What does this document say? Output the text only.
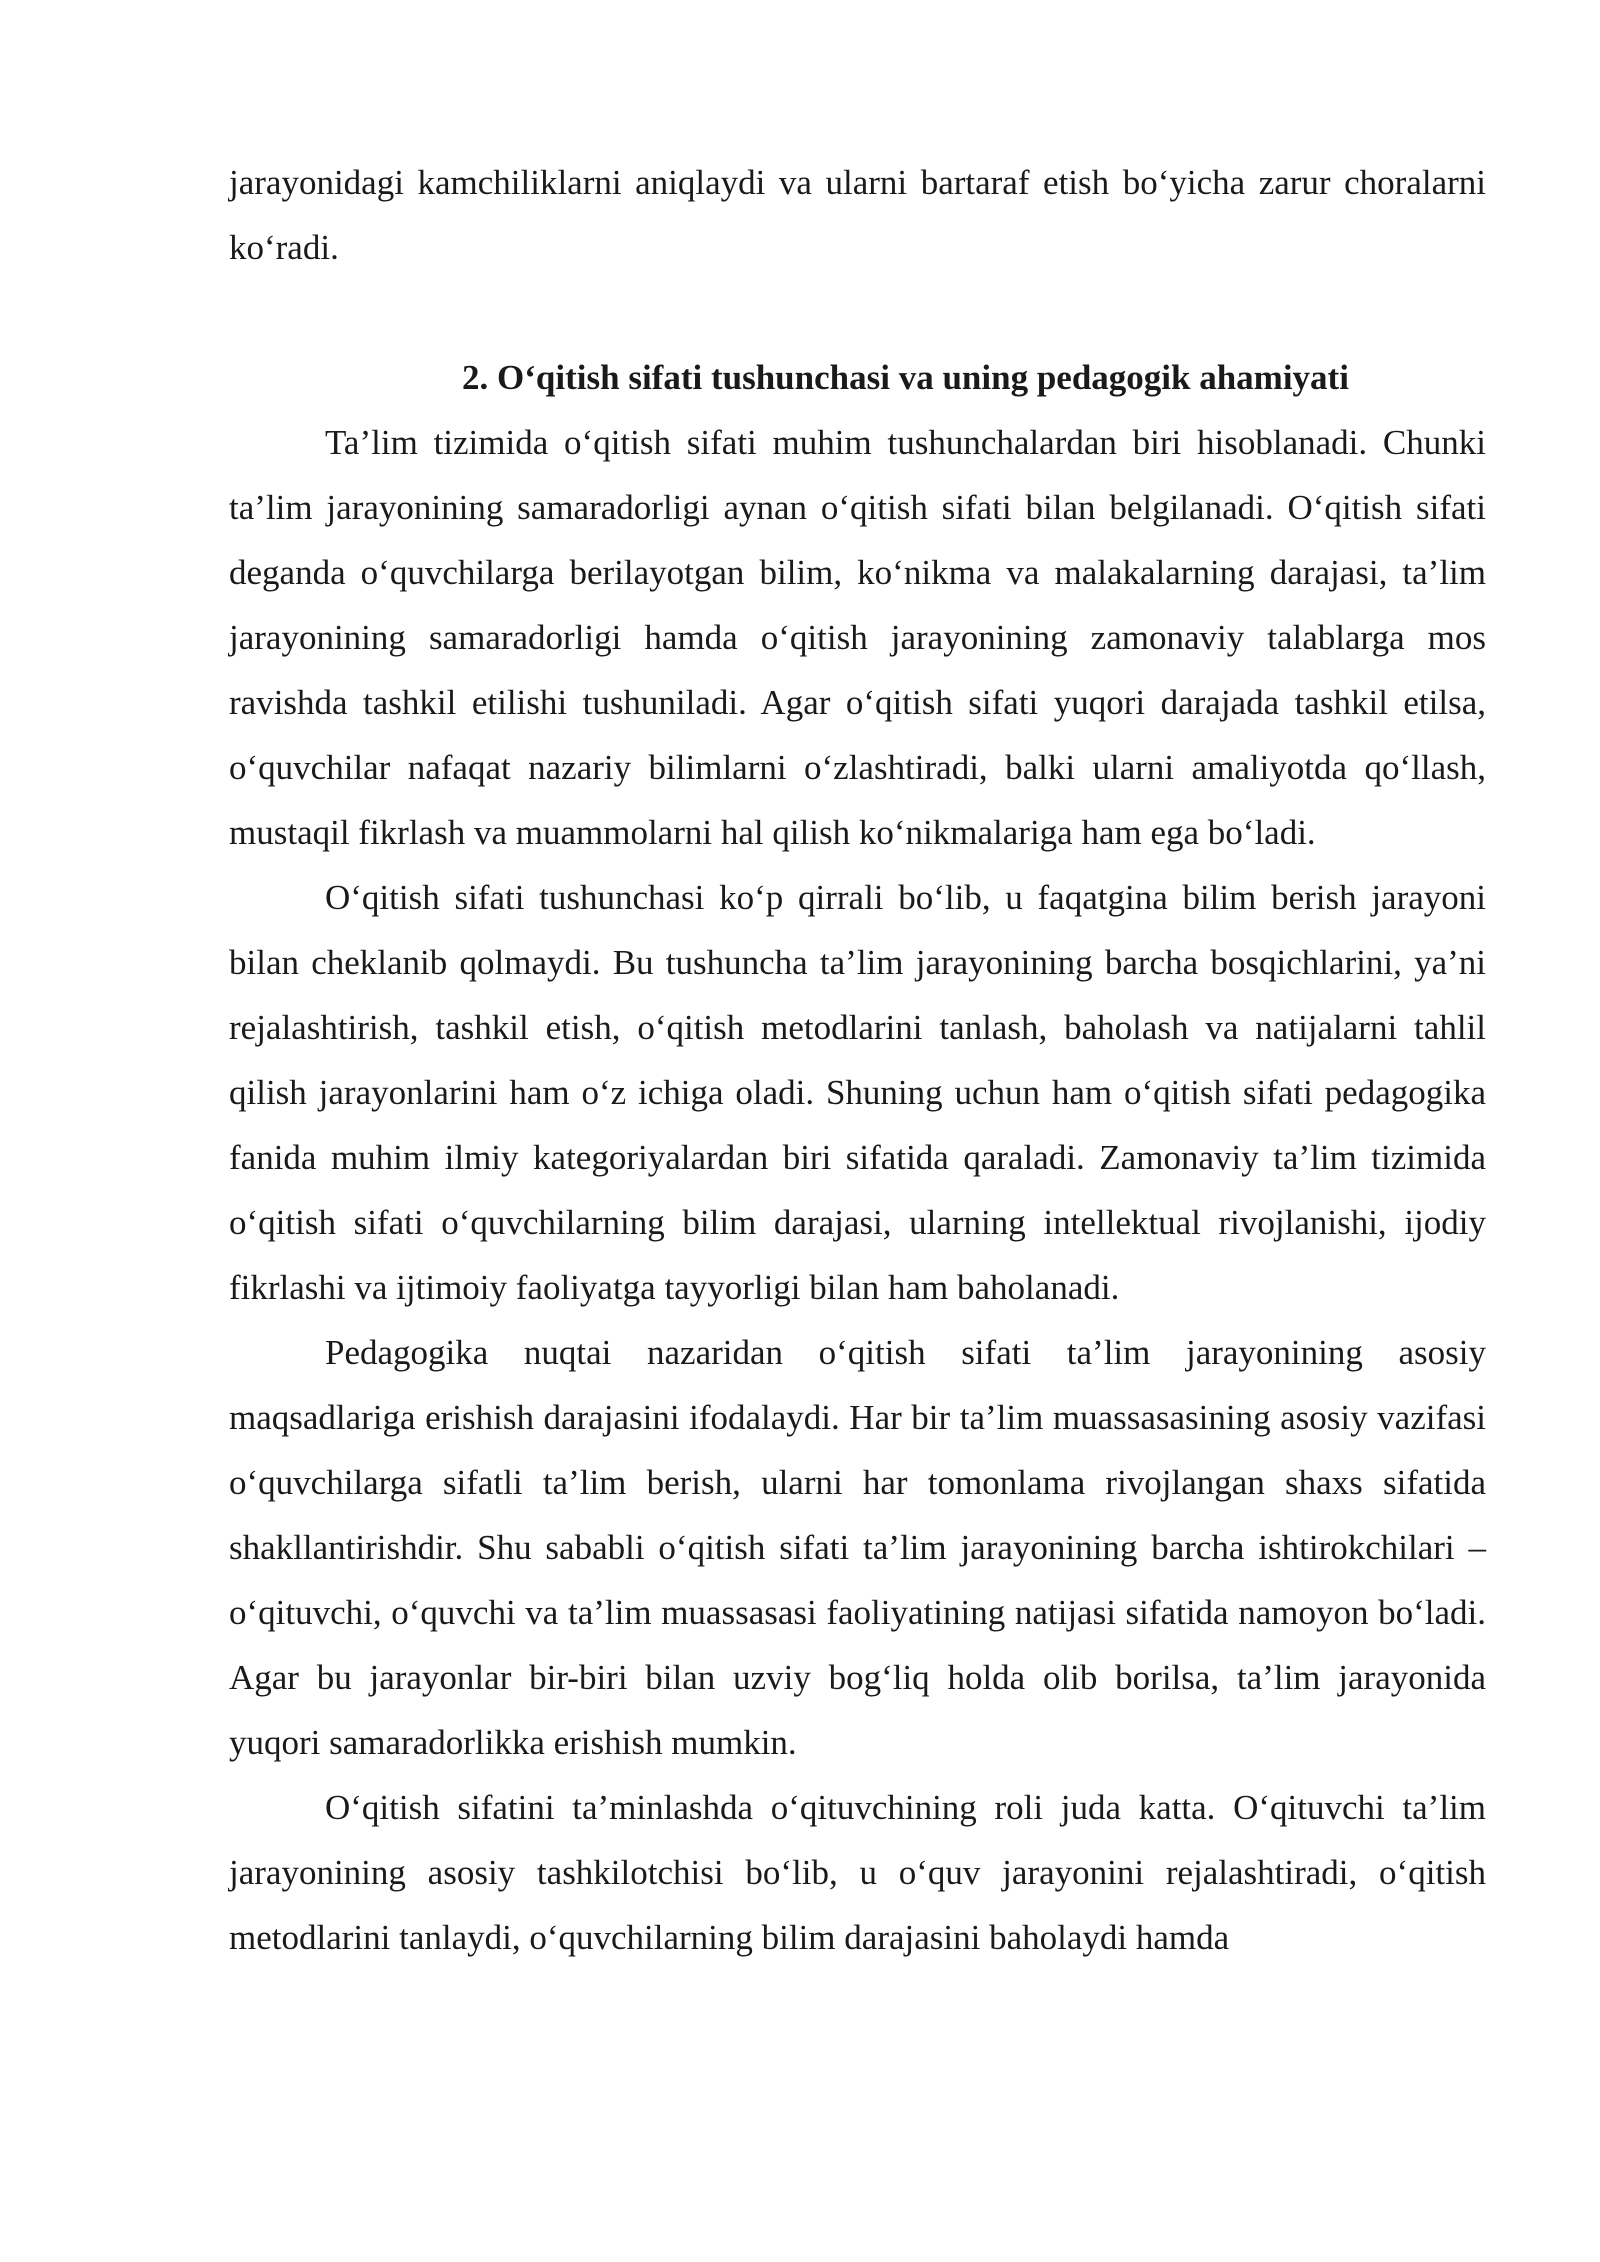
jarayonidagi kamchiliklarni aniqlaydi va ularni bartaraf etish bo‘yicha zarur choralarni ko‘radi.

2. O‘qitish sifati tushunchasi va uning pedagogik ahamiyati

Ta’lim tizimida o‘qitish sifati muhim tushunchalardan biri hisoblanadi. Chunki ta’lim jarayonining samaradorligi aynan o‘qitish sifati bilan belgilanadi. O‘qitish sifati deganda o‘quvchilarga berilayotgan bilim, ko‘nikma va malakalarning darajasi, ta’lim jarayonining samaradorligi hamda o‘qitish jarayonining zamonaviy talablarga mos ravishda tashkil etilishi tushuniladi. Agar o‘qitish sifati yuqori darajada tashkil etilsa, o‘quvchilar nafaqat nazariy bilimlarni o‘zlashtiradi, balki ularni amaliyotda qo‘llash, mustaqil fikrlash va muammolarni hal qilish ko‘nikmalariga ham ega bo‘ladi.

O‘qitish sifati tushunchasi ko‘p qirrali bo‘lib, u faqatgina bilim berish jarayoni bilan cheklanib qolmaydi. Bu tushuncha ta’lim jarayonining barcha bosqichlarini, ya’ni rejalashtirish, tashkil etish, o‘qitish metodlarini tanlash, baholash va natijalarni tahlil qilish jarayonlarini ham o‘z ichiga oladi. Shuning uchun ham o‘qitish sifati pedagogika fanida muhim ilmiy kategoriyalardan biri sifatida qaraladi. Zamonaviy ta’lim tizimida o‘qitish sifati o‘quvchilarning bilim darajasi, ularning intellektual rivojlanishi, ijodiy fikrlashi va ijtimoiy faoliyatga tayyorligi bilan ham baholanadi.

Pedagogika nuqtai nazaridan o‘qitish sifati ta’lim jarayonining asosiy maqsadlariga erishish darajasini ifodalaydi. Har bir ta’lim muassasasining asosiy vazifasi o‘quvchilarga sifatli ta’lim berish, ularni har tomonlama rivojlangan shaxs sifatida shakllantirishdir. Shu sababli o‘qitish sifati ta’lim jarayonining barcha ishtirokchilari – o‘qituvchi, o‘quvchi va ta’lim muassasasi faoliyatining natijasi sifatida namoyon bo‘ladi. Agar bu jarayonlar bir-biri bilan uzviy bog‘liq holda olib borilsa, ta’lim jarayonida yuqori samaradorlikka erishish mumkin.

O‘qitish sifatini ta’minlashda o‘qituvchining roli juda katta. O‘qituvchi ta’lim jarayonining asosiy tashkilotchisi bo‘lib, u o‘quv jarayonini rejalashtiradi, o‘qitish metodlarini tanlaydi, o‘quvchilarning bilim darajasini baholaydi hamda
